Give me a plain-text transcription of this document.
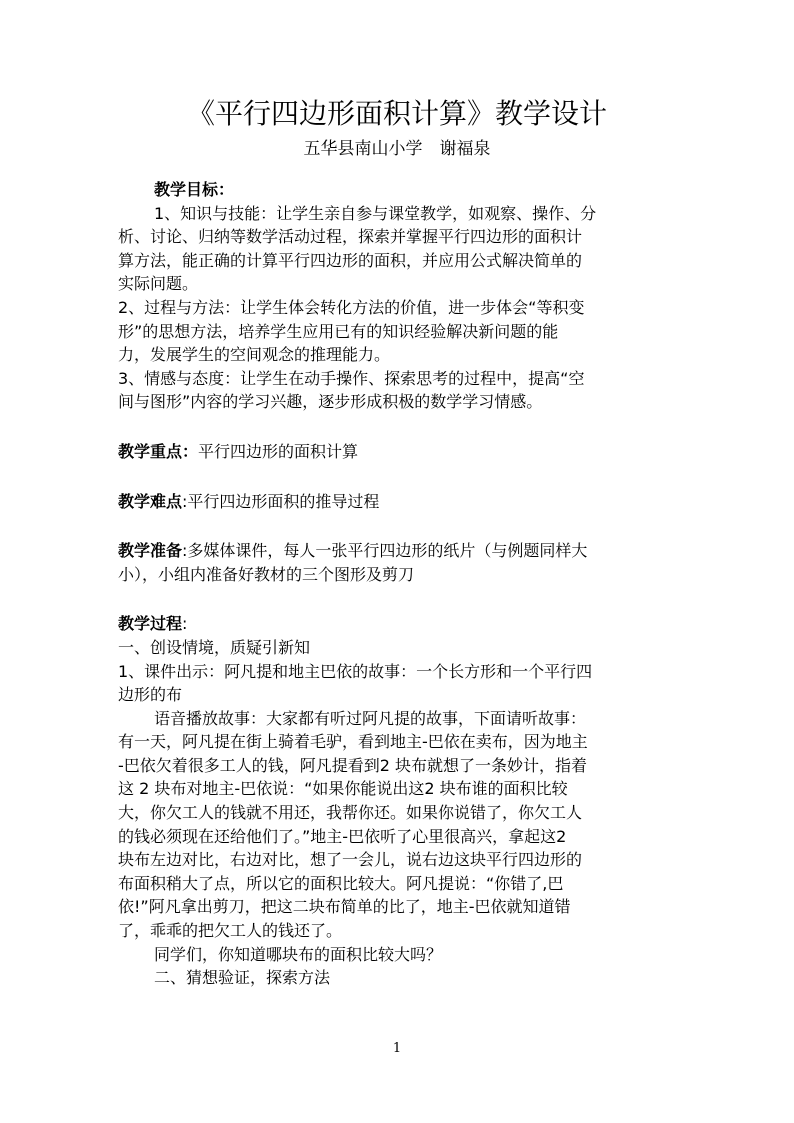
《平行四边形面积计算》教学设计
五华县南山小学　谢福泉
教学目标：
1、知识与技能：让学生亲自参与课堂教学，如观察、操作、分
析、讨论、归纳等数学活动过程，探索并掌握平行四边形的面积计
算方法，能正确的计算平行四边形的面积，并应用公式解决简单的
实际问题。
2、过程与方法：让学生体会转化方法的价值，进一步体会“等积变
形”的思想方法，培养学生应用已有的知识经验解决新问题的能
力，发展学生的空间观念的推理能力。
3、情感与态度：让学生在动手操作、探索思考的过程中，提高“空
间与图形”内容的学习兴趣，逐步形成积极的数学学习情感。
教学重点：平行四边形的面积计算
教学难点:平行四边形面积的推导过程
教学准备:多媒体课件，每人一张平行四边形的纸片（与例题同样大
小），小组内准备好教材的三个图形及剪刀
教学过程:
一、创设情境，质疑引新知
1、课件出示：阿凡提和地主巴依的故事：一个长方形和一个平行四
边形的布
语音播放故事：大家都有听过阿凡提的故事，下面请听故事：
有一天，阿凡提在街上骑着毛驴，看到地主-巴依在卖布，因为地主
-巴依欠着很多工人的钱，阿凡提看到2 块布就想了一条妙计，指着
这 2 块布对地主-巴依说：“如果你能说出这2 块布谁的面积比较
大，你欠工人的钱就不用还，我帮你还。如果你说错了，你欠工人
的钱必须现在还给他们了。”地主-巴依听了心里很高兴，拿起这2
块布左边对比，右边对比，想了一会儿，说右边这块平行四边形的
布面积稍大了点，所以它的面积比较大。阿凡提说：“你错了,巴
依!”阿凡拿出剪刀，把这二块布简单的比了，地主-巴依就知道错
了，乖乖的把欠工人的钱还了。
同学们，你知道哪块布的面积比较大吗？
二、猜想验证，探索方法
1
